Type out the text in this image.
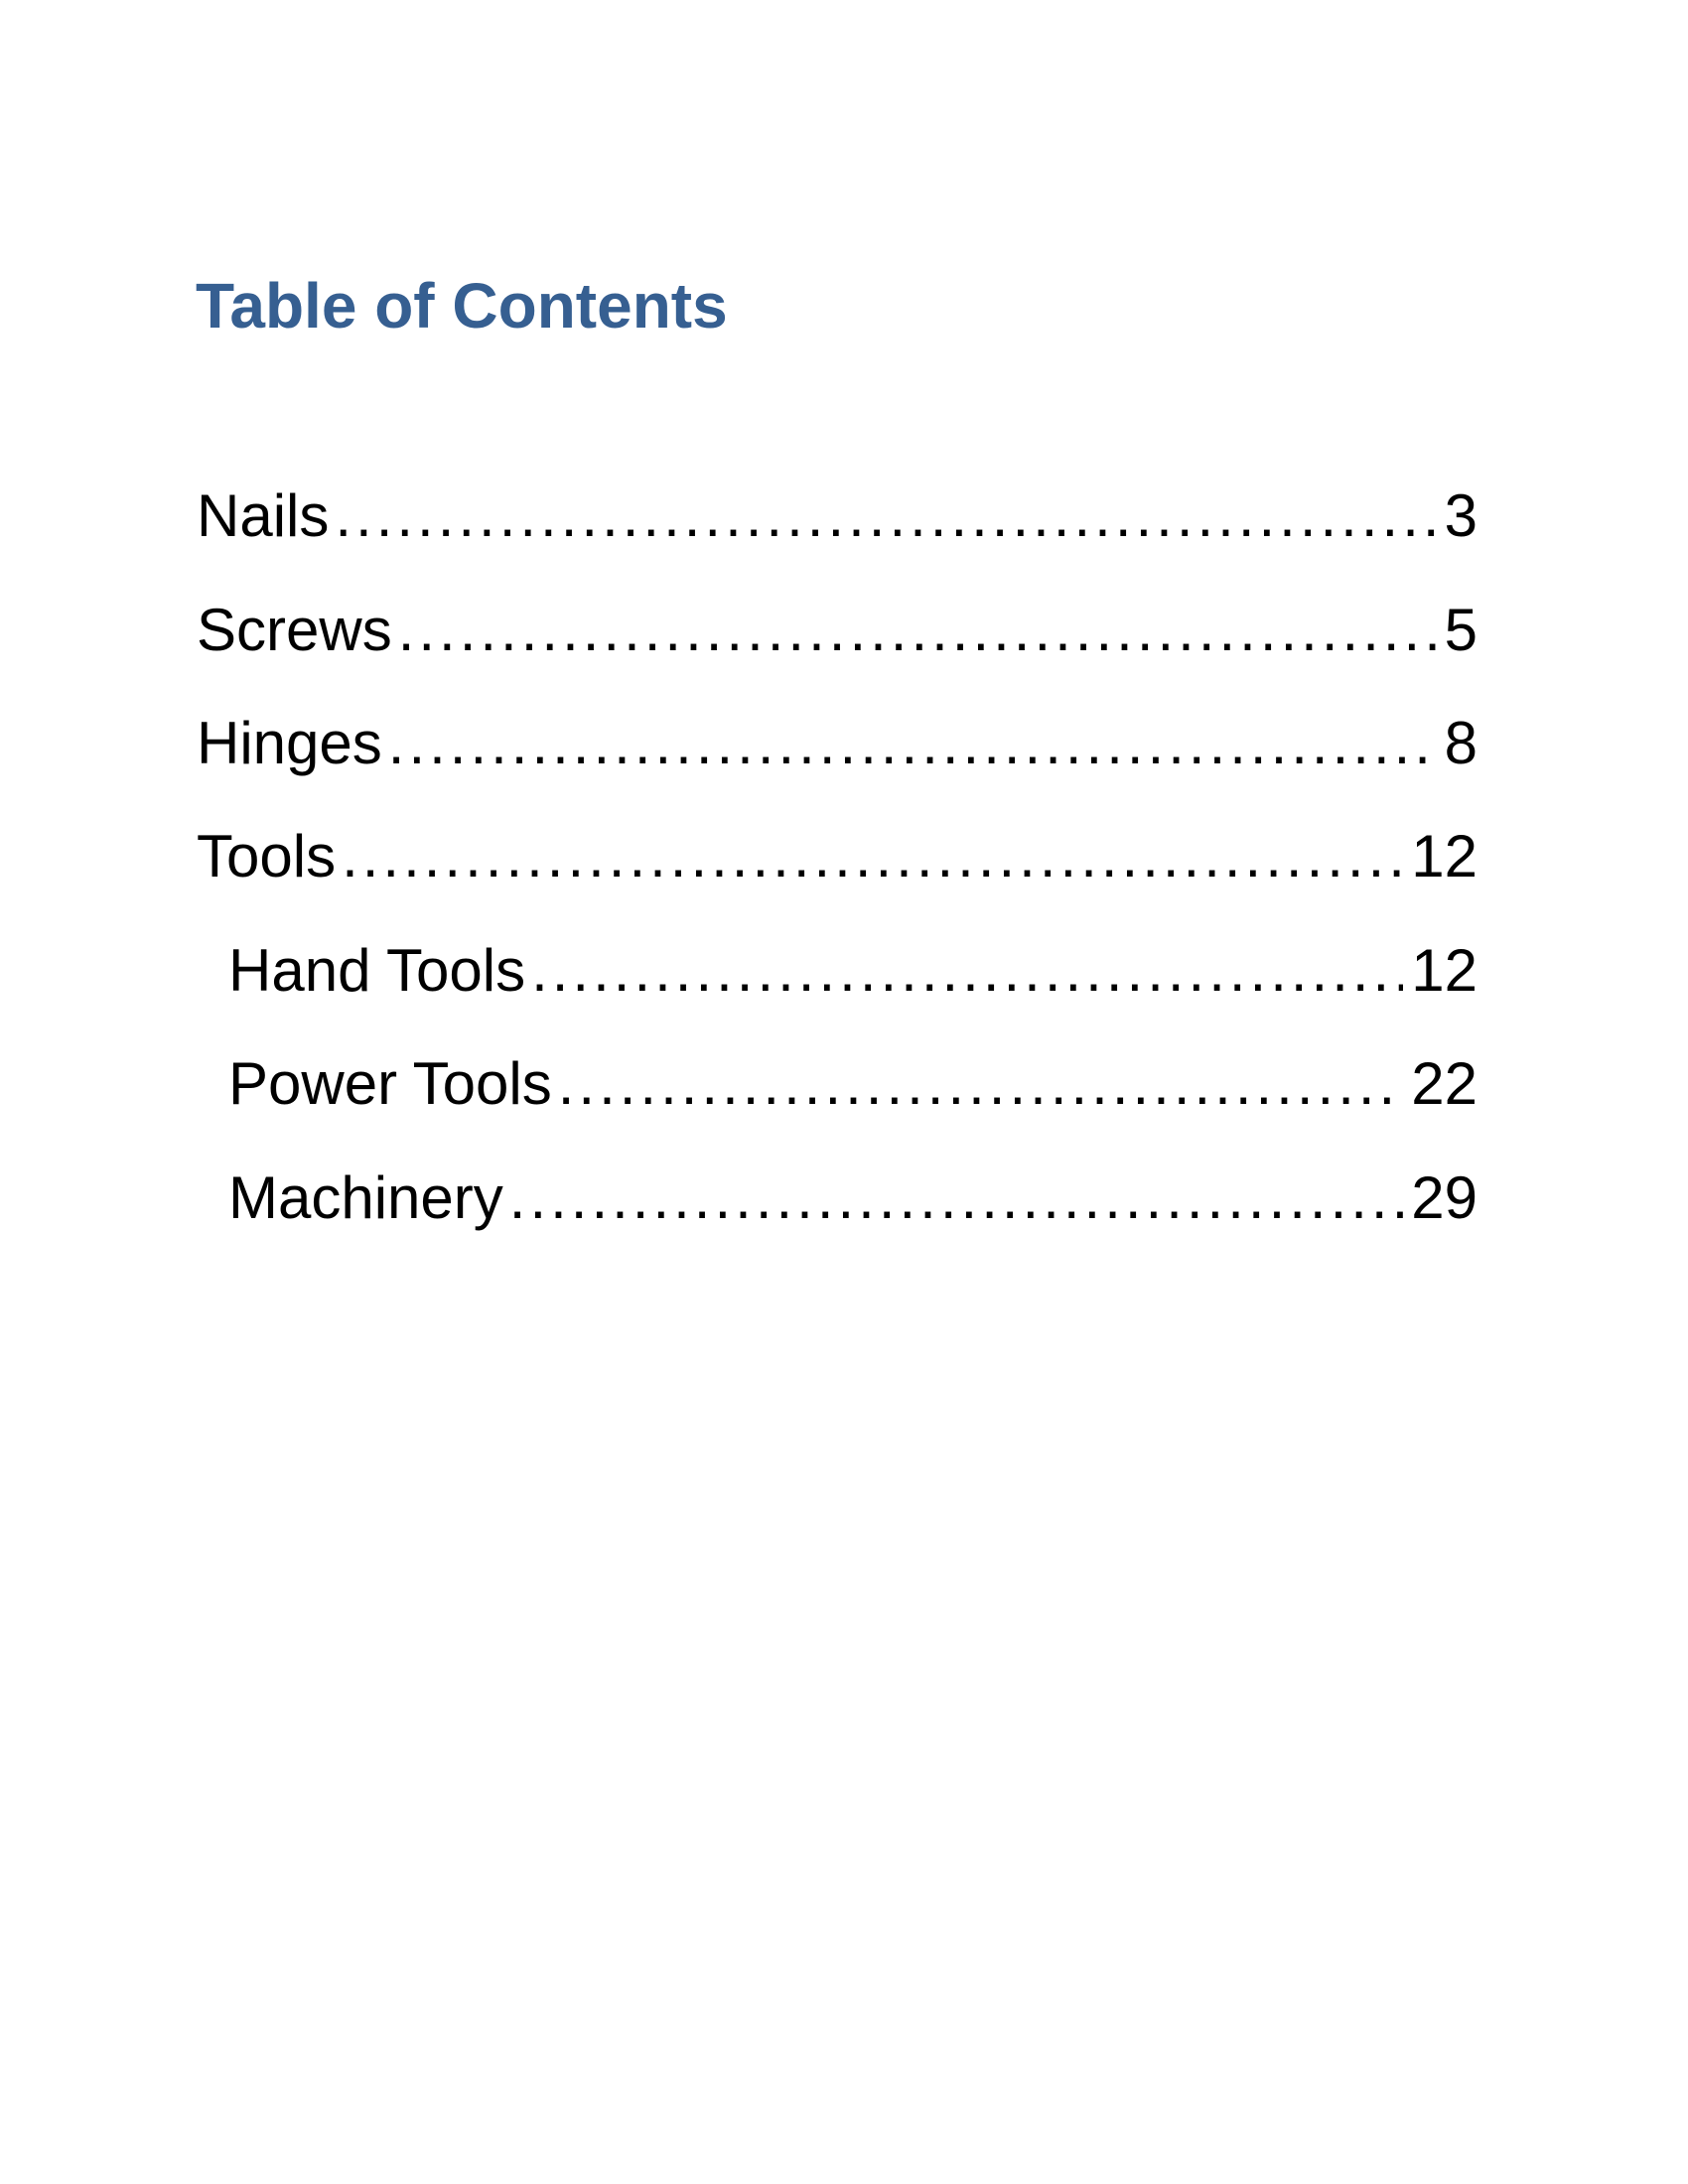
Table of Contents
Nails .....	3
Screws .....	5
Hinges .....	8
Tools .....	12
Hand Tools .....	12
Power Tools .....	22
Machinery .....	29
